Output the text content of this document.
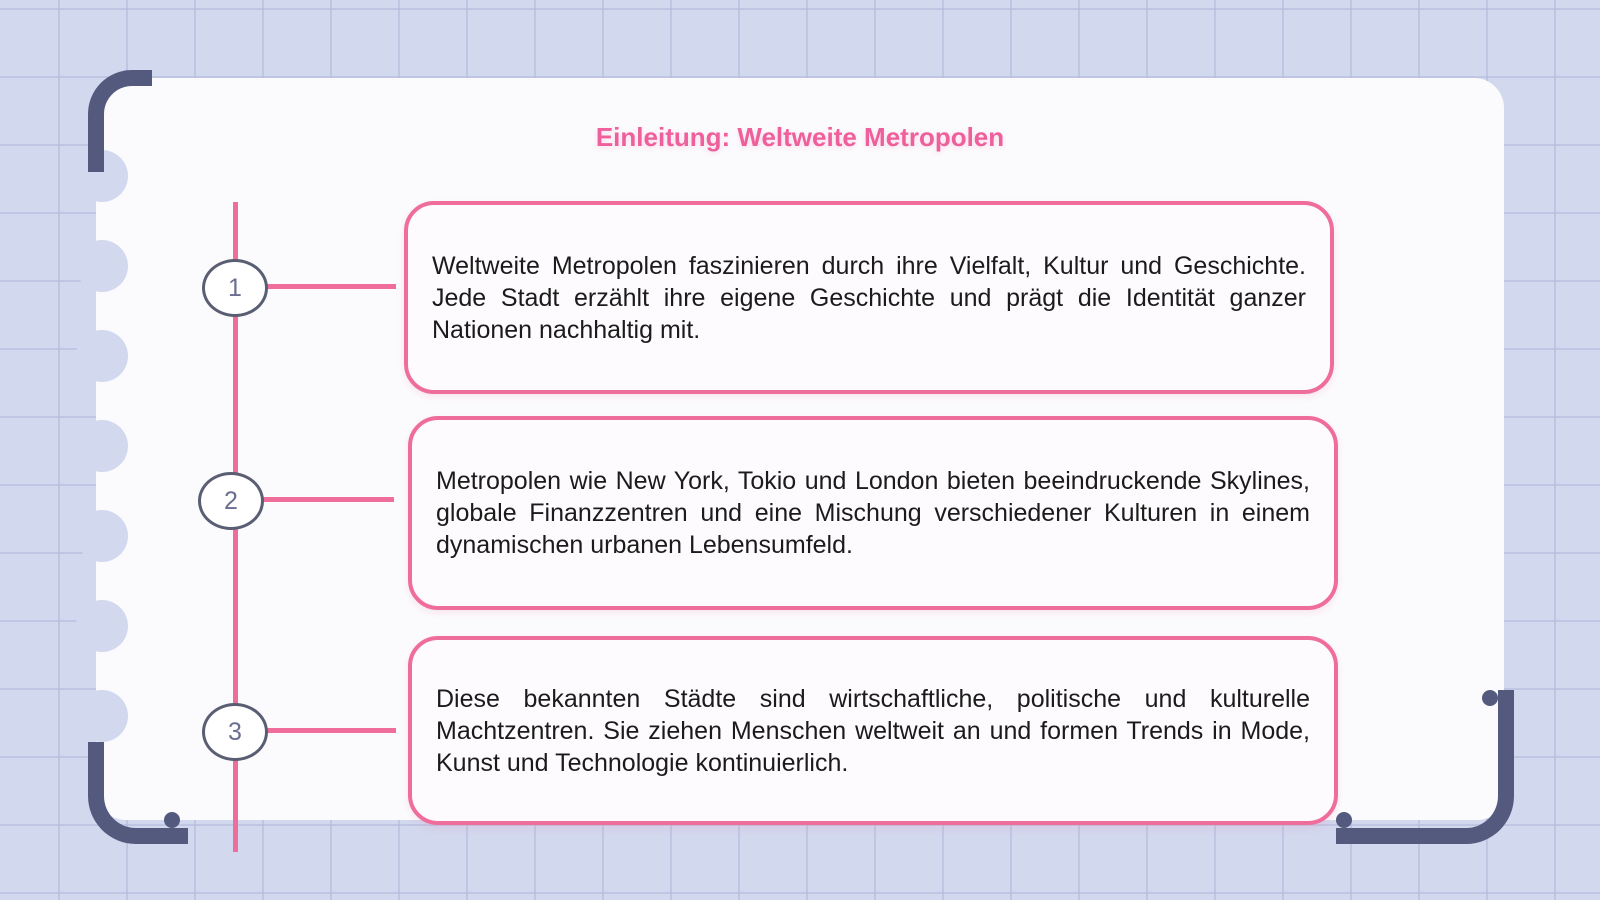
Einleitung: Weltweite Metropolen
1
2
3

Weltweite Metropolen faszinieren durch ihre Vielfalt, Kultur und Geschichte. Jede Stadt erzählt ihre eigene Geschichte und prägt die Identität ganzer Nationen nachhaltig mit.

Metropolen wie New York, Tokio und London bieten beeindruckende Skylines, globale Finanzzentren und eine Mischung verschiedener Kulturen in einem dynamischen urbanen Lebensumfeld.

Diese bekannten Städte sind wirtschaftliche, politische und kulturelle Machtzentren. Sie ziehen Menschen weltweit an und formen Trends in Mode, Kunst und Technologie kontinuierlich.
